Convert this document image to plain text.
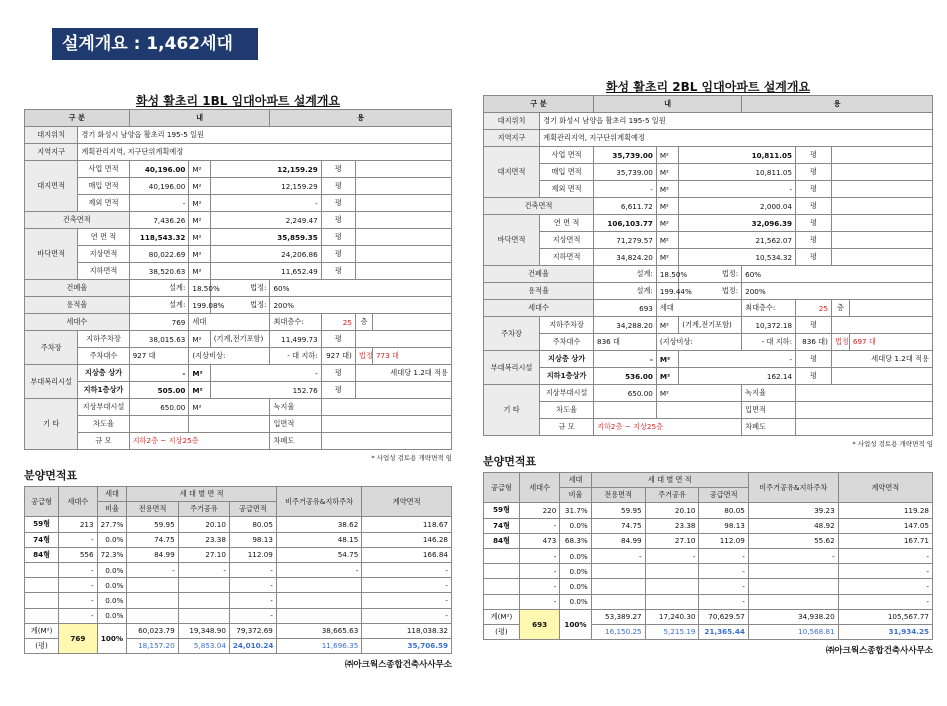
설계개요 : 1,462세대
화성 활초리 1BL 임대아파트 설계개요
구 분		내			용			
대지위치	경기 화성시 남양읍 활초리 195-5 일원							
지역지구	계획관리지역, 지구단위계획예정							
대지면적	사업 면적	40,196.00	M²	12,159.29		평		
	매입 면적	40,196.00	M²	12,159.29		평		
	제외 면적	-	M²	-		평		
건축면적		7,436.26	M²	2,249.47		평		
바닥면적	연 면 적	118,543.32	M²	35,859.35		평		
	지상면적	80,022.69	M²	24,206.86		평		
	지하면적	38,520.63	M²	11,652.49		평		
건폐율		설계:	18.50%	법정:	60%			
용적율		설계:	199.08%	법정:	200%			
세대수		769	세대		최대층수:	25	층	
주차장	지하주차장	38,015.63	M²	(기계,전기포함)	11,499.73	평		
	주차대수	927 대	(지상비상:		- 대 지하:	927 대)	법정	773 대
부대복리시설	지상층 상가	-	M²	-		평	세대당 1.2대 적용	
	지하1층상가	505.00	M²	152.76		평		
기 타	지상부대시설	650.00	M²		녹지율			
	차도율				입면적			
	규 모	지하2층 ~ 지상25층			차폐도			
* 사업성 검토용 개략면적 임
분양면적표
공급형	세대수	세대	세 대 별 면 적			비주거공유&지하주차	계약면적
		비율	전용면적	주거공유	공급면적		
59형	213	27.7%	59.95	20.10	80.05	38.62	118.67
74형	-	0.0%	74.75	23.38	98.13	48.15	146.28
84형	556	72.3%	84.99	27.10	112.09	54.75	166.84
	-	0.0%	-	-	-	-	-
	-	0.0%			-		-
	-	0.0%			-		-
	-	0.0%			-		-
계(M²)	769	100%	60,023.79	19,348.90	79,372.69	38,665.63	118,038.32
(평)			18,157.20	5,853.04	24,010.24	11,696.35	35,706.59
㈜아크웍스종합건축사사무소
화성 활초리 2BL 임대아파트 설계개요
구 분		내			용			
대지위치	경기 화성시 남양읍 활초리 195-5 일원							
지역지구	계획관리지역, 지구단위계획예정							
대지면적	사업 면적	35,739.00	M²	10,811.05		평		
	매입 면적	35,739.00	M²	10,811.05		평		
	제외 면적	-	M²	-		평		
건축면적		6,611.72	M²	2,000.04		평		
바닥면적	연 면 적	106,103.77	M²	32,096.39		평		
	지상면적	71,279.57	M²	21,562.07		평		
	지하면적	34,824.20	M²	10,534.32		평		
건폐율		설계:	18.50%	법정:	60%			
용적율		설계:	199.44%	법정:	200%			
세대수		693	세대		최대층수:	25	층	
주차장	지하주차장	34,288.20	M²	(기계,전기포함)	10,372.18	평		
	주차대수	836 대	(지상비상:		- 대 지하:	836 대)	법정	697 대
부대복리시설	지상층 상가	-	M²	-		평	세대당 1.2대 적용	
	지하1층상가	536.00	M²	162.14		평		
기 타	지상부대시설	650.00	M²		녹지율			
	차도율				입면적			
	규 모	지하2층 ~ 지상25층			차폐도			
* 사업성 검토용 개략면적 임
분양면적표
공급형	세대수	세대	세 대 별 면 적			비주거공유&지하주차	계약면적
		비율	전용면적	주거공유	공급면적		
59형	220	31.7%	59.95	20.10	80.05	39.23	119.28
74형	-	0.0%	74.75	23.38	98.13	48.92	147.05
84형	473	68.3%	84.99	27.10	112.09	55.62	167.71
	-	0.0%	-	-	-	-	-
	-	0.0%			-		-
	-	0.0%			-		-
	-	0.0%			-		-
계(M²)	693	100%	53,389.27	17,240.30	70,629.57	34,938.20	105,567.77
(평)			16,150.25	5,215.19	21,365.44	10,568.81	31,934.25
㈜아크웍스종합건축사사무소
